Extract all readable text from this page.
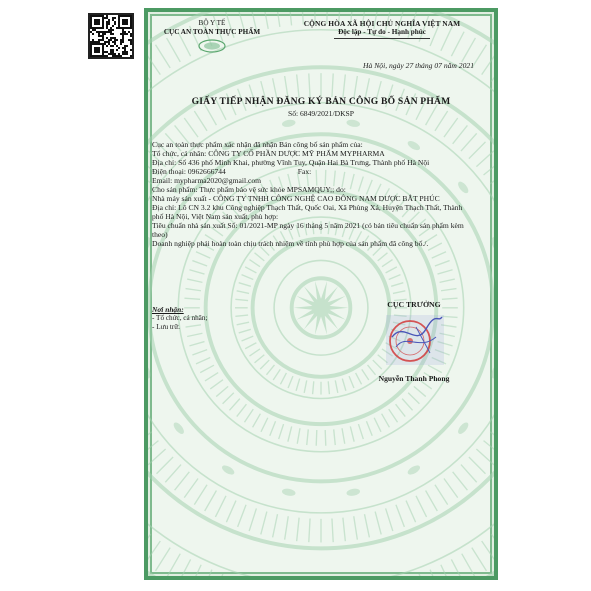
BỘ Y TẾ
CỤC AN TOÀN THỰC PHẨM
CỘNG HÒA XÃ HỘI CHỦ NGHĨA VIỆT NAM
Độc lập - Tự do - Hạnh phúc
Hà Nội, ngày 27 tháng 07 năm 2021
GIẤY TIẾP NHẬN ĐĂNG KÝ BẢN CÔNG BỐ SẢN PHẨM
Số: 6849/2021/DKSP

Cục an toàn thực phẩm xác nhận đã nhận Bản công bố sản phẩm của:

Tổ chức, cá nhân: CÔNG TY CỔ PHẦN DƯỢC MỸ PHẨM MYPHARMA

Địa chỉ: Số 436 phố Minh Khai, phường Vĩnh Tuy, Quận Hai Bà Trưng, Thành phố Hà Nội

Điện thoại: 0962666744	Fax:

Email: mypharma2020@gmail.com

Cho sản phẩm: Thực phẩm bảo vệ sức khỏe MPSAMQUY;; do:

Nhà máy sản xuất - CÔNG TY TNHH CÔNG NGHỆ CAO ĐÔNG NAM DƯỢC BẮT PHÚC

Địa chỉ: Lô CN 3.2 khu Công nghiệp Thạch Thất, Quốc Oai, Xã Phùng Xá, Huyện Thạch Thất, Thành phố Hà Nội, Việt Nam sản xuất, phù hợp:

Tiêu chuẩn nhà sản xuất Số: 01/2021-MP ngày 16 tháng 5 năm 2021 (có bản tiêu chuẩn sản phẩm kèm theo)

Doanh nghiệp phải hoàn toàn chịu trách nhiệm về tính phù hợp của sản phẩm đã công bố./.

Nơi nhận:
- Tổ chức, cá nhân;
- Lưu trữ.
CỤC TRƯỞNG
Nguyễn Thanh Phong
